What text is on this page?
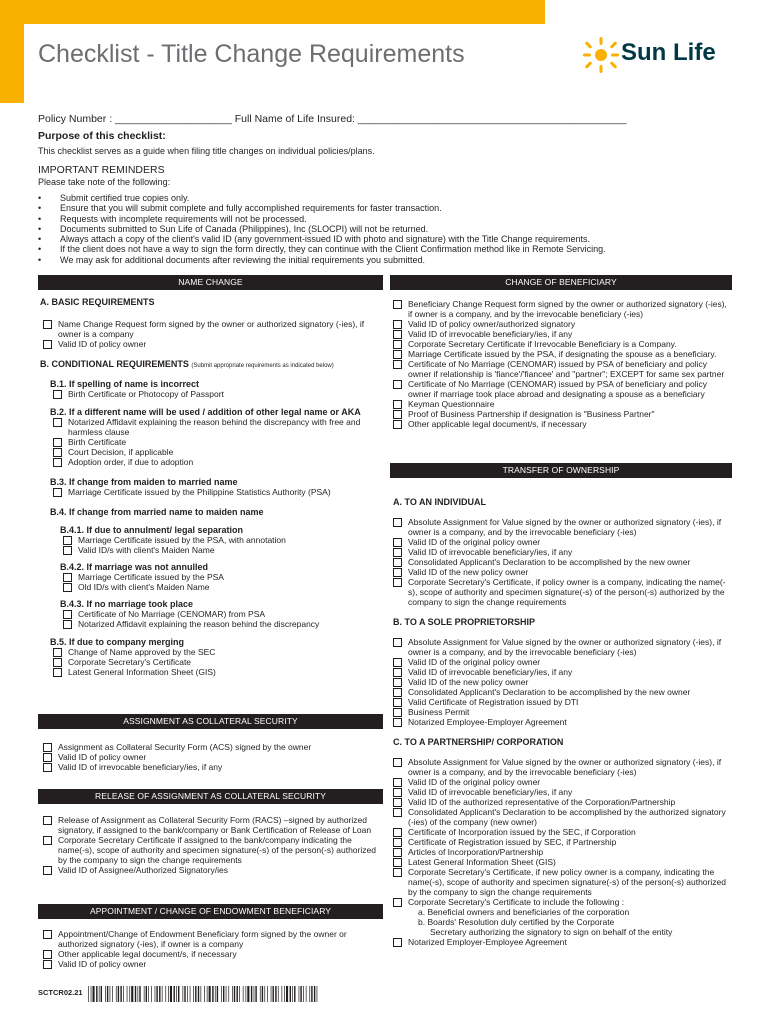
Checklist - Title Change Requirements	Sun Life
Policy Number : ____________________ Full Name of Life Insured: ______________________________________________
Purpose of this checklist:
This checklist serves as a guide when filing title changes on individual policies/plans.
IMPORTANT REMINDERS
Please take note of the following:
• Submit certified true copies only.
• Ensure that you will submit complete and fully accomplished requirements for faster transaction.
• Requests with incomplete requirements will not be processed.
• Documents submitted to Sun Life of Canada (Philippines), Inc (SLOCPI) will not be returned.
• Always attach a copy of the client's valid ID (any government-issued ID with photo and signature) with the Title Change requirements.
• If the client does not have a way to sign the form directly, they can continue with the Client Confirmation method like in Remote Servicing.
• We may ask for additional documents after reviewing the initial requirements you submitted.
NAME CHANGE
A. BASIC REQUIREMENTS
Name Change Request form signed by the owner or authorized signatory (-ies), if owner is a company
Valid ID of policy owner
B. CONDITIONAL REQUIREMENTS (Submit appropriate requirements as indicated below)
B.1. If spelling of name is incorrect
Birth Certificate or Photocopy of Passport
B.2. If a different name will be used / addition of other legal name or AKA
Notarized Affidavit explaining the reason behind the discrepancy with free and harmless clause
Birth Certificate
Court Decision, if applicable
Adoption order, if due to adoption
B.3. If change from maiden to married name
Marriage Certificate issued by the Philippine Statistics Authority (PSA)
B.4. If change from married name to maiden name
B.4.1. If due to annulment/ legal separation
Marriage Certificate issued by the PSA, with annotation
Valid ID/s with client's Maiden Name
B.4.2. If marriage was not annulled
Marriage Certificate issued by the PSA
Old ID/s with client's Maiden Name
B.4.3. If no marriage took place
Certificate of No Marriage (CENOMAR) from PSA
Notarized Affidavit explaining the reason behind the discrepancy
B.5. If due to company merging
Change of Name approved by the SEC
Corporate Secretary's Certificate
Latest General Information Sheet (GIS)
ASSIGNMENT AS COLLATERAL SECURITY
Assignment as Collateral Security Form (ACS) signed by the owner
Valid ID of policy owner
Valid ID of irrevocable beneficiary/ies, if any
RELEASE OF ASSIGNMENT AS COLLATERAL SECURITY
Release of Assignment as Collateral Security Form (RACS) –signed by authorized signatory, if assigned to the bank/company or Bank Certification of Release of Loan
Corporate Secretary Certificate if assigned to the bank/company indicating the name(-s), scope of authority and specimen signature(-s) of the person(-s) authorized by the company to sign the change requirements
Valid ID of Assignee/Authorized Signatory/ies
APPOINTMENT / CHANGE OF ENDOWMENT BENEFICIARY
Appointment/Change of Endowment Beneficiary form signed by the owner or authorized signatory (-ies), if owner is a company
Other applicable legal document/s, if necessary
Valid ID of policy owner
CHANGE OF BENEFICIARY
Beneficiary Change Request form signed by the owner or authorized signatory (-ies), if owner is a company, and by the irrevocable beneficiary (-ies)
Valid ID of policy owner/authorized signatory
Valid ID of irrevocable beneficiary/ies, if any
Corporate Secretary Certificate if Irrevocable Beneficiary is a Company.
Marriage Certificate issued by the PSA, if designating the spouse as a beneficiary.
Certificate of No Marriage (CENOMAR) issued by PSA of beneficiary and policy owner if relationship is 'fiance'/'fiancee' and "partner"; EXCEPT for same sex partner
Certificate of No Marriage (CENOMAR) issued by PSA of beneficiary and policy owner if marriage took place abroad and designating a spouse as a beneficiary
Keyman Questionnaire
Proof of Business Partnership if designation is "Business Partner"
Other applicable legal document/s, if necessary
TRANSFER OF OWNERSHIP
A. TO AN INDIVIDUAL
Absolute Assignment for Value signed by the owner or authorized signatory (-ies), if owner is a company, and by the irrevocable beneficiary (-ies)
Valid ID of the original policy owner
Valid ID of irrevocable beneficiary/ies, if any
Consolidated Applicant's Declaration to be accomplished by the new owner
Valid ID of the new policy owner
Corporate Secretary's Certificate, if policy owner is a company, indicating the name(-s), scope of authority and specimen signature(-s) of the person(-s) authorized by the company to sign the change requirements
B. TO A SOLE PROPRIETORSHIP
Absolute Assignment for Value signed by the owner or authorized signatory (-ies), if owner is a company, and by the irrevocable beneficiary (-ies)
Valid ID of the original policy owner
Valid ID of irrevocable beneficiary/ies, if any
Valid ID of the new policy owner
Consolidated Applicant's Declaration to be accomplished by the new owner
Valid Certificate of Registration issued by DTI
Business Permit
Notarized Employee-Employer Agreement
C. TO A PARTNERSHIP/ CORPORATION
Absolute Assignment for Value signed by the owner or authorized signatory (-ies), if owner is a company, and by the irrevocable beneficiary (-ies)
Valid ID of the original policy owner
Valid ID of irrevocable beneficiary/ies, if any
Valid ID of the authorized representative of the Corporation/Partnership
Consolidated Applicant's Declaration to be accomplished by the authorized signatory (-ies) of the company (new owner)
Certificate of Incorporation issued by the SEC, if Corporation
Certificate of Registration issued by SEC, if Partnership
Articles of Incorporation/Partnership
Latest General Information Sheet (GIS)
Corporate Secretary's Certificate, if new policy owner is a company, indicating the name(-s), scope of authority and specimen signature(-s) of the person(-s) authorized by the company to sign the change requirements
Corporate Secretary's Certificate to include the following :
a. Beneficial owners and beneficiaries of the corporation
b. Boards' Resolution duly certified by the Corporate
Secretary authorizing the signatory to sign on behalf of the entity
Notarized Employer-Employee Agreement
SCTCR02.21
